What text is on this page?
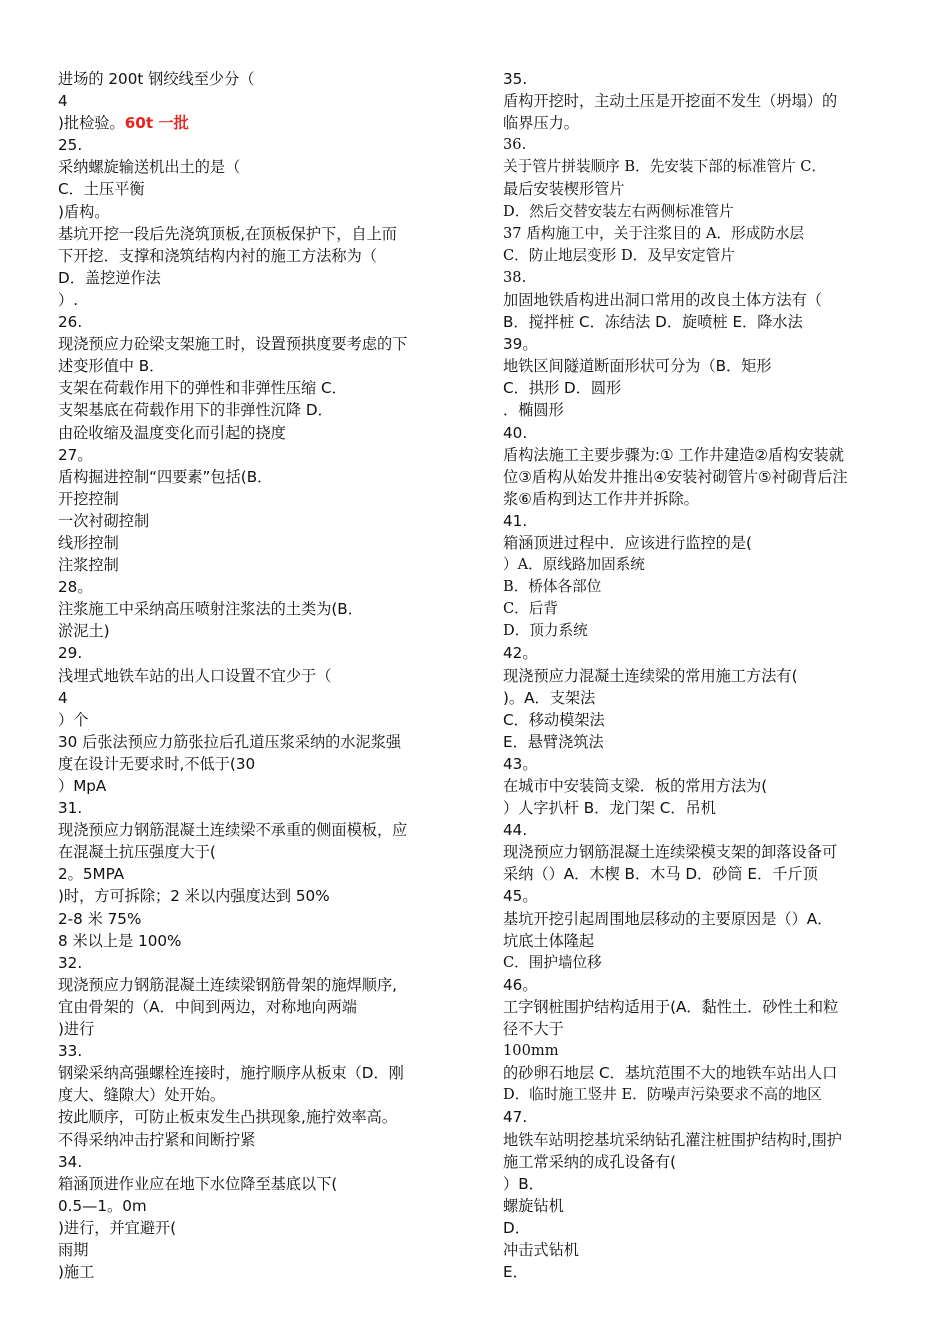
进场的 200t 钢绞线至少分（
4
)批检验。60t 一批
25.
采纳螺旋输送机出土的是（
C．土压平衡
)盾构。
基坑开挖一段后先浇筑顶板,在顶板保护下，自上而
下开挖．支撑和浇筑结构内衬的施工方法称为（
D．盖挖逆作法
）.
26.
现浇预应力砼梁支架施工时，设置预拱度要考虑的下
述变形值中 B．
支架在荷载作用下的弹性和非弹性压缩 C．
支架基底在荷载作用下的非弹性沉降 D．
由砼收缩及温度变化而引起的挠度
27。
盾构掘进控制“四要素”包括(B．
开挖控制
一次衬砌控制
线形控制
注浆控制
28。
注浆施工中采纳高压喷射注浆法的土类为(B．
淤泥土)
29.
浅埋式地铁车站的出人口设置不宜少于（
4
）个
30 后张法预应力筋张拉后孔道压浆采纳的水泥浆强
度在设计无要求时,不低于(30
）MpA
31.
现浇预应力钢筋混凝土连续梁不承重的侧面模板，应
在混凝土抗压强度大于(
2。5MPA
)时，方可拆除；2 米以内强度达到 50%
2-8 米 75%
8 米以上是 100%
32.
现浇预应力钢筋混凝土连续梁钢筋骨架的施焊顺序,
宜由骨架的（A．中间到两边，对称地向两端
)进行
33.
钢梁采纳高强螺栓连接时，施拧顺序从板束（D．刚
度大、缝隙大）处开始。
按此顺序，可防止板束发生凸拱现象,施拧效率高。
不得采纳冲击拧紧和间断拧紧
34.
箱涵顶进作业应在地下水位降至基底以下(
0.5—1。0m
)进行，并宜避开(
雨期
)施工
35.
盾构开挖时，主动土压是开挖面不发生（坍塌）的
临界压力。
36.
关于管片拼装顺序 B．先安装下部的标准管片 C．
最后安装楔形管片
D．然后交替安装左右两侧标准管片
37 盾构施工中，关于注浆目的 A．形成防水层
C．防止地层变形 D．及早安定管片
38.
加固地铁盾构进出洞口常用的改良土体方法有（
B．搅拌桩 C．冻结法 D．旋喷桩 E．降水法
39。
地铁区间隧道断面形状可分为（B．矩形
C．拱形 D．圆形
．椭圆形
40.
盾构法施工主要步骤为:① 工作井建造②盾构安装就
位③盾构从始发井推出④安装衬砌管片⑤衬砌背后注
浆⑥盾构到达工作井并拆除。
41.
箱涵顶进过程中．应该进行监控的是(
）A．原线路加固系统
B．桥体各部位
C．后背
D．顶力系统
42。
现浇预应力混凝土连续梁的常用施工方法有(
)。A．支架法
C．移动模架法
E．悬臂浇筑法
43。
在城市中安装筒支梁．板的常用方法为(
）人字扒杆 B．龙门架 C．吊机
44.
现浇预应力钢筋混凝土连续梁模支架的卸落设备可
采纳（）A．木楔 B．木马 D．砂筒 E．千斤顶
45。
基坑开挖引起周围地层移动的主要原因是（）A．
坑底土体隆起
C．围护墙位移
46。
工字钢桩围护结构适用于(A．黏性土．砂性土和粒
径不大于
100mm
的砂卵石地层 C．基坑范围不大的地铁车站出人口
D．临时施工竖井 E．防噪声污染要求不高的地区
47.
地铁车站明挖基坑采纳钻孔灌注桩围护结构时,围护
施工常采纳的成孔设备有(
）B．
螺旋钻机
D．
冲击式钻机
E．
